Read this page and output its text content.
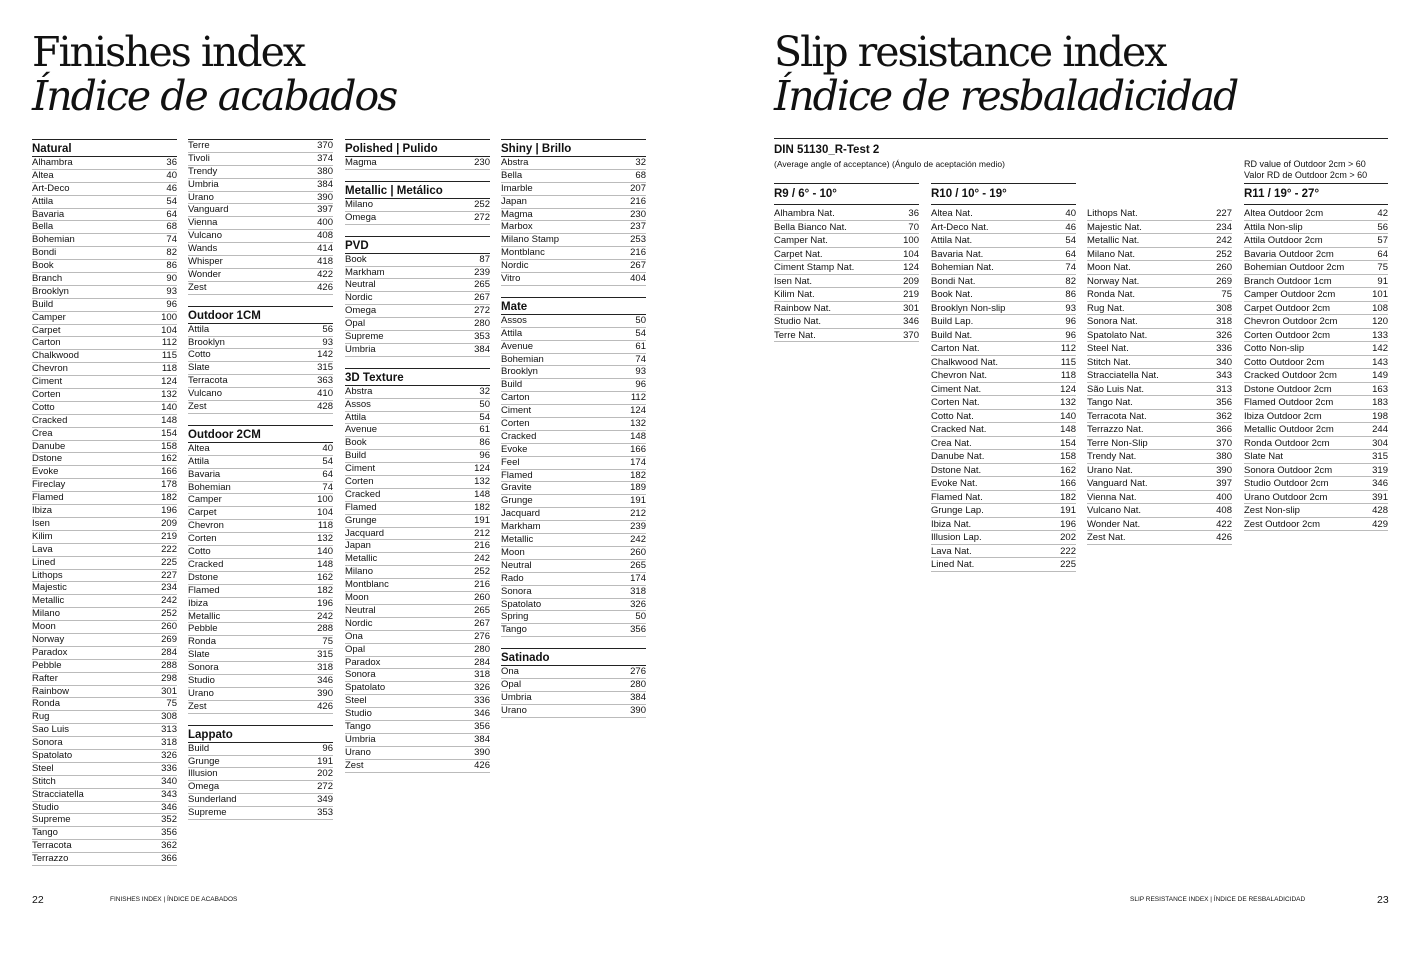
Finishes index
Índice de acabados
Natural
Alhambra	36
Altea	40
Art-Deco	46
Attila	54
Bavaria	64
Bella	68
Bohemian	74
Bondi	82
Book	86
Branch	90
Brooklyn	93
Build	96
Camper	100
Carpet	104
Carton	112
Chalkwood	115
Chevron	118
Ciment	124
Corten	132
Cotto	140
Cracked	148
Crea	154
Danube	158
Dstone	162
Evoke	166
Fireclay	178
Flamed	182
Ibiza	196
Isen	209
Kilim	219
Lava	222
Lined	225
Lithops	227
Majestic	234
Metallic	242
Milano	252
Moon	260
Norway	269
Paradox	284
Pebble	288
Rafter	298
Rainbow	301
Ronda	75
Rug	308
Sao Luis	313
Sonora	318
Spatolato	326
Steel	336
Stitch	340
Stracciatella	343
Studio	346
Supreme	352
Tango	356
Terracota	362
Terrazzo	366
Terre	370
Tivoli	374
Trendy	380
Umbria	384
Urano	390
Vanguard	397
Vienna	400
Vulcano	408
Wands	414
Whisper	418
Wonder	422
Zest	426
Outdoor 1CM
Attila	56
Brooklyn	93
Cotto	142
Slate	315
Terracota	363
Vulcano	410
Zest	428
Outdoor 2CM
Altea	40
Attila	54
Bavaria	64
Bohemian	74
Camper	100
Carpet	104
Chevron	118
Corten	132
Cotto	140
Cracked	148
Dstone	162
Flamed	182
Ibiza	196
Metallic	242
Pebble	288
Ronda	75
Slate	315
Sonora	318
Studio	346
Urano	390
Zest	426
Lappato
Build	96
Grunge	191
Illusion	202
Omega	272
Sunderland	349
Supreme	353
Polished | Pulido
Magma	230
Metallic | Metálico
Milano	252
Omega	272
PVD
Book	87
Markham	239
Neutral	265
Nordic	267
Omega	272
Opal	280
Supreme	353
Umbria	384
3D Texture
Abstra	32
Assos	50
Attila	54
Avenue	61
Book	86
Build	96
Ciment	124
Corten	132
Cracked	148
Flamed	182
Grunge	191
Jacquard	212
Japan	216
Metallic	242
Milano	252
Montblanc	216
Moon	260
Neutral	265
Nordic	267
Ona	276
Opal	280
Paradox	284
Sonora	318
Spatolato	326
Steel	336
Studio	346
Tango	356
Umbria	384
Urano	390
Zest	426
Shiny | Brillo
Abstra	32
Bella	68
Imarble	207
Japan	216
Magma	230
Marbox	237
Milano Stamp	253
Montblanc	216
Nordic	267
Vitro	404
Mate
Assos	50
Attila	54
Avenue	61
Bohemian	74
Brooklyn	93
Build	96
Carton	112
Ciment	124
Corten	132
Cracked	148
Evoke	166
Feel	174
Flamed	182
Gravite	189
Grunge	191
Jacquard	212
Markham	239
Metallic	242
Moon	260
Neutral	265
Rado	174
Sonora	318
Spatolato	326
Spring	50
Tango	356
Satinado
Ona	276
Opal	280
Umbria	384
Urano	390
22	FINISHES INDEX | ÍNDICE DE ACABADOS
Slip resistance index
Índice de resbaladicidad
DIN 51130_R-Test 2
(Average angle of acceptance) (Ángulo de aceptación medio)	RD value of Outdoor 2cm > 60
Valor RD de Outdoor 2cm > 60
R9 / 6° - 10°
Alhambra Nat.	36
Bella Bianco Nat.	70
Camper Nat.	100
Carpet Nat.	104
Ciment Stamp Nat.	124
Isen Nat.	209
Kilim Nat.	219
Rainbow Nat.	301
Studio Nat.	346
Terre Nat.	370
R10 / 10° - 19°
Altea Nat.	40
Art-Deco Nat.	46
Attila Nat.	54
Bavaria Nat.	64
Bohemian Nat.	74
Bondi Nat.	82
Book Nat.	86
Brooklyn Non-slip	93
Build Lap.	96
Build Nat.	96
Carton Nat.	112
Chalkwood Nat.	115
Chevron Nat.	118
Ciment Nat.	124
Corten Nat.	132
Cotto Nat.	140
Cracked Nat.	148
Crea Nat.	154
Danube Nat.	158
Dstone Nat.	162
Evoke Nat.	166
Flamed Nat.	182
Grunge Lap.	191
Ibiza Nat.	196
Illusion Lap.	202
Lava Nat.	222
Lined Nat.	225
Lithops Nat.	227
Majestic Nat.	234
Metallic Nat.	242
Milano Nat.	252
Moon Nat.	260
Norway Nat.	269
Ronda Nat.	75
Rug Nat.	308
Sonora Nat.	318
Spatolato Nat.	326
Steel Nat.	336
Stitch Nat.	340
Stracciatella Nat.	343
São Luis Nat.	313
Tango Nat.	356
Terracota Nat.	362
Terrazzo Nat.	366
Terre Non-Slip	370
Trendy Nat.	380
Urano Nat.	390
Vanguard Nat.	397
Vienna Nat.	400
Vulcano Nat.	408
Wonder Nat.	422
Zest Nat.	426
R11 / 19° - 27°
Altea Outdoor 2cm	42
Attila Non-slip	56
Attila Outdoor 2cm	57
Bavaria Outdoor 2cm	64
Bohemian Outdoor 2cm	75
Branch Outdoor 1cm	91
Camper Outdoor 2cm	101
Carpet Outdoor 2cm	108
Chevron Outdoor 2cm	120
Corten Outdoor 2cm	133
Cotto Non-slip	142
Cotto Outdoor 2cm	143
Cracked Outdoor 2cm	149
Dstone Outdoor 2cm	163
Flamed Outdoor 2cm	183
Ibiza Outdoor 2cm	198
Metallic Outdoor 2cm	244
Ronda Outdoor 2cm	304
Slate Nat	315
Sonora Outdoor 2cm	319
Studio Outdoor 2cm	346
Urano Outdoor 2cm	391
Zest Non-slip	428
Zest Outdoor 2cm	429
SLIP RESISTANCE INDEX | ÍNDICE DE RESBALADICIDAD	23
